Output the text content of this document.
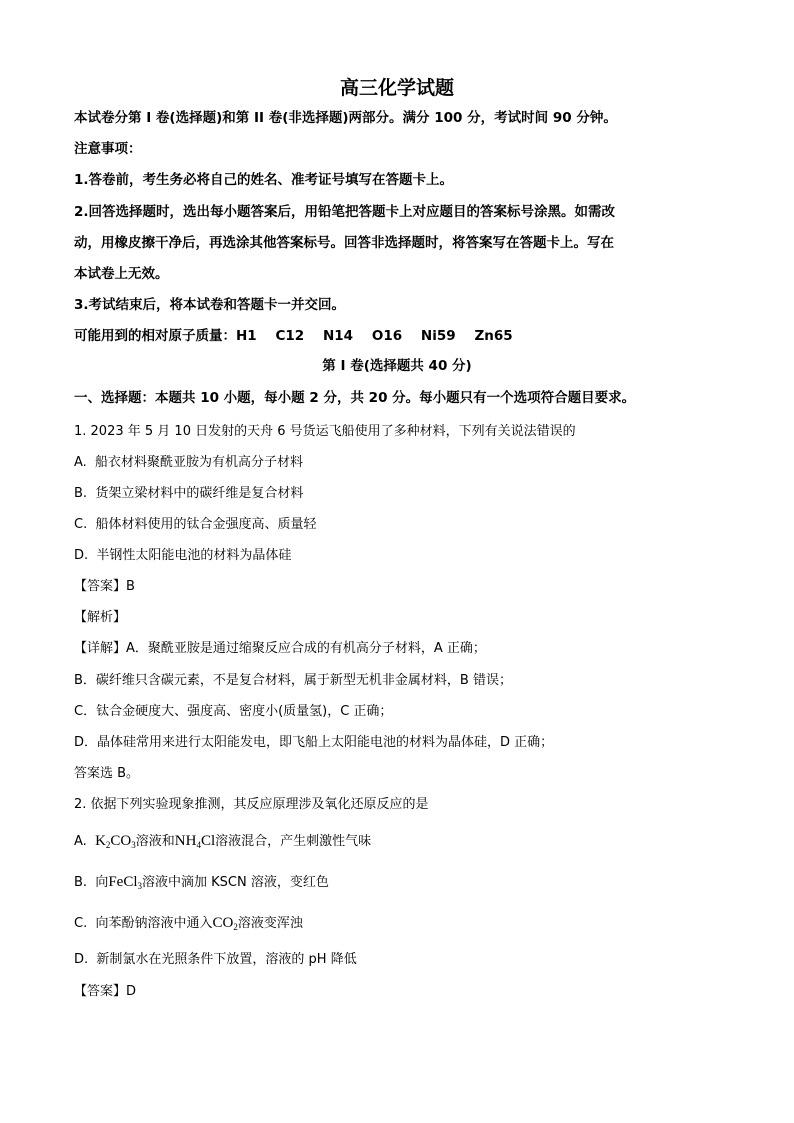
高三化学试题
本试卷分第 I 卷(选择题)和第 II 卷(非选择题)两部分。满分 100 分，考试时间 90 分钟。
注意事项：
1.答卷前，考生务必将自己的姓名、准考证号填写在答题卡上。
2.回答选择题时，选出每小题答案后，用铅笔把答题卡上对应题目的答案标号涂黑。如需改
动，用橡皮擦干净后，再选涂其他答案标号。回答非选择题时，将答案写在答题卡上。写在
本试卷上无效。
3.考试结束后，将本试卷和答题卡一并交回。
可能用到的相对原子质量：H1    C12    N14    O16    Ni59    Zn65
第 I 卷(选择题共 40 分)
一、选择题：本题共 10 小题，每小题 2 分，共 20 分。每小题只有一个选项符合题目要求。
1. 2023 年 5 月 10 日发射的天舟 6 号货运飞船使用了多种材料，下列有关说法错误的
A.  船衣材料聚酰亚胺为有机高分子材料
B.  货架立梁材料中的碳纤维是复合材料
C.  船体材料使用的钛合金强度高、质量轻
D.  半钢性太阳能电池的材料为晶体硅
【答案】B
【解析】
【详解】A．聚酰亚胺是通过缩聚反应合成的有机高分子材料，A 正确；
B．碳纤维只含碳元素，不是复合材料，属于新型无机非金属材料，B 错误；
C．钛合金硬度大、强度高、密度小(质量氢)，C 正确；
D．晶体硅常用来进行太阳能发电，即飞船上太阳能电池的材料为晶体硅，D 正确；
答案选 B。
2. 依据下列实验现象推测，其反应原理涉及氧化还原反应的是
A.  $K_2CO_3$溶液和$NH_4Cl$溶液混合，产生刺激性气味
B.  向FeCl$_3$溶液中滴加 KSCN 溶液，变红色
C.  向苯酚钠溶液中通入$CO_2$溶液变浑浊
D.  新制氯水在光照条件下放置，溶液的 pH 降低
【答案】D
